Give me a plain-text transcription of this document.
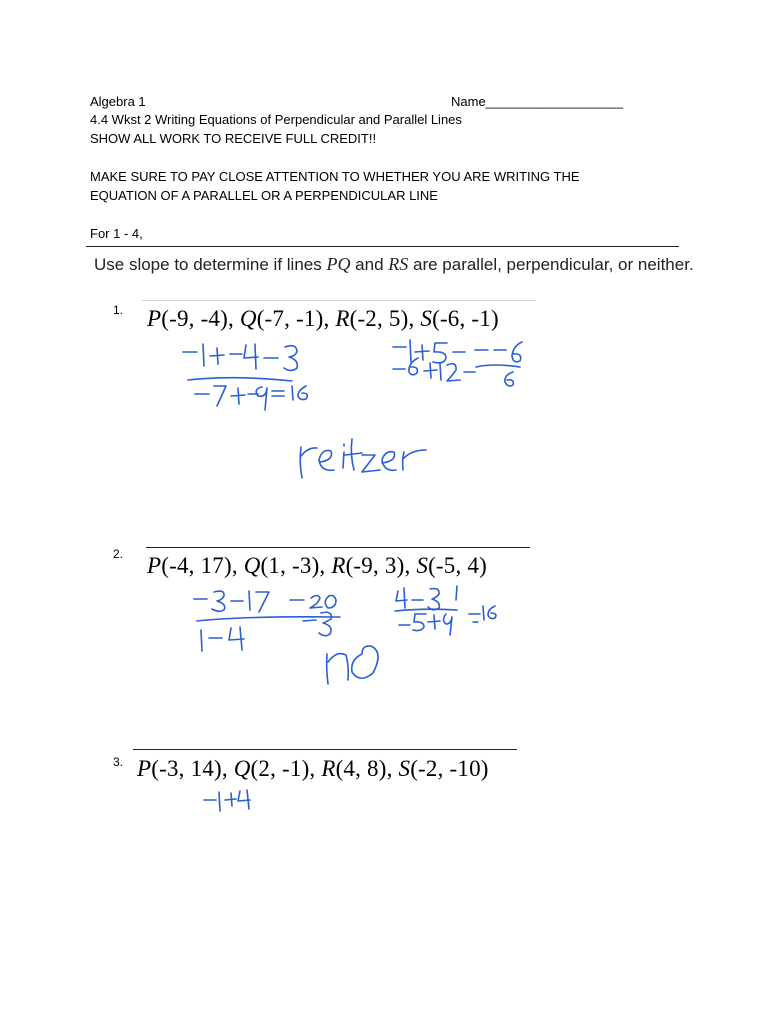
Algebra 1	Name___________________
4.4 Wkst 2 Writing Equations of Perpendicular and Parallel Lines
SHOW ALL WORK TO RECEIVE FULL CREDIT!!
MAKE SURE TO PAY CLOSE ATTENTION TO WHETHER YOU ARE WRITING THE
EQUATION OF A PARALLEL OR A PERPENDICULAR LINE
For 1 - 4,
Use slope to determine if lines PQ and RS are parallel, perpendicular, or neither.
1. P(-9, -4), Q(-7, -1), R(-2, 5), S(-6, -1)
2. P(-4, 17), Q(1, -3), R(-9, 3), S(-5, 4)
3. P(-3, 14), Q(2, -1), R(4, 8), S(-2, -10)
